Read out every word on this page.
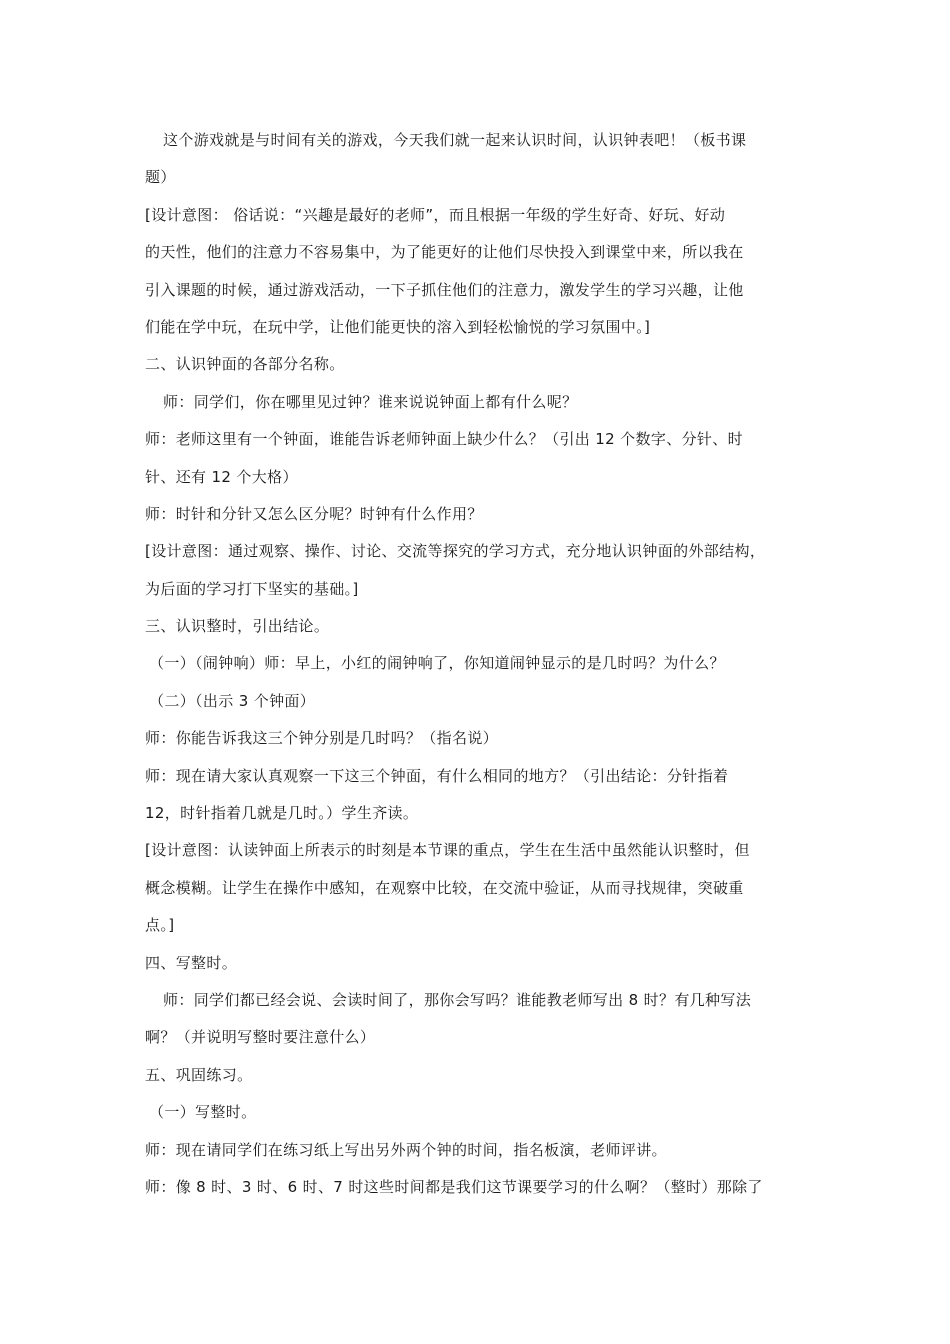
这个游戏就是与时间有关的游戏，今天我们就一起来认识时间，认识钟表吧！（板书课
题）
[设计意图： 俗话说：“兴趣是最好的老师”，而且根据一年级的学生好奇、好玩、好动
的天性，他们的注意力不容易集中，为了能更好的让他们尽快投入到课堂中来，所以我在
引入课题的时候，通过游戏活动，一下子抓住他们的注意力，激发学生的学习兴趣，让他
们能在学中玩，在玩中学，让他们能更快的溶入到轻松愉悦的学习氛围中。]
二、认识钟面的各部分名称。
师：同学们，你在哪里见过钟？谁来说说钟面上都有什么呢？
师：老师这里有一个钟面，谁能告诉老师钟面上缺少什么？（引出 12 个数字、分针、时
针、还有 12 个大格）
师：时针和分针又怎么区分呢？时钟有什么作用？
[设计意图：通过观察、操作、讨论、交流等探究的学习方式，充分地认识钟面的外部结构，
为后面的学习打下坚实的基础。]
三、认识整时，引出结论。
（一）（闹钟响）师：早上，小红的闹钟响了，你知道闹钟显示的是几时吗？为什么？
（二）（出示 3 个钟面）
师：你能告诉我这三个钟分别是几时吗？（指名说）
师：现在请大家认真观察一下这三个钟面，有什么相同的地方？（引出结论：分针指着
12，时针指着几就是几时。）学生齐读。
[设计意图：认读钟面上所表示的时刻是本节课的重点，学生在生活中虽然能认识整时，但
概念模糊。让学生在操作中感知，在观察中比较，在交流中验证，从而寻找规律，突破重
点。]
四、写整时。
师：同学们都已经会说、会读时间了，那你会写吗？谁能教老师写出 8 时？有几种写法
啊？（并说明写整时要注意什么）
五、巩固练习。
（一）写整时。
师：现在请同学们在练习纸上写出另外两个钟的时间，指名板演，老师评讲。
师：像 8 时、3 时、6 时、7 时这些时间都是我们这节课要学习的什么啊？（整时）那除了
